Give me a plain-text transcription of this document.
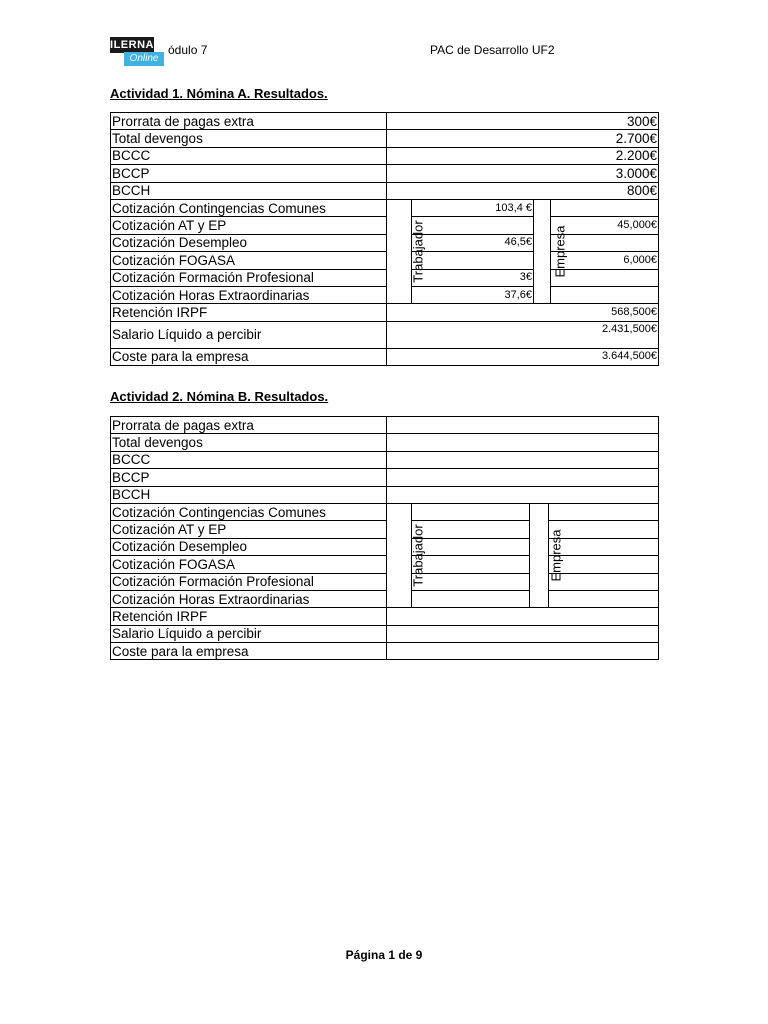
ILERNA
Online
ódulo 7	PAC de Desarrollo UF2
Actividad 1. Nómina A. Resultados.
Prorrata de pagas extra	300€			
Total devengos	2.700€			
BCCC	2.200€			
BCCP	3.000€			
BCCH	800€			
Cotización Contingencias Comunes	Trabajador	103,4 €	Empresa	
Cotización AT y EP				45,000€
Cotización Desempleo		46,5€		
Cotización FOGASA				6,000€
Cotización Formación Profesional		3€		
Cotización Horas Extraordinarias		37,6€		
Retención IRPF	568,500€			
Salario Líquido a percibir	2.431,500€			
Coste para la empresa	3.644,500€			
Actividad 2. Nómina B. Resultados.
Prorrata de pagas extra				
Total devengos				
BCCC				
BCCP				
BCCH				
Cotización Contingencias Comunes	Trabajador		Empresa	
Cotización AT y EP				
Cotización Desempleo				
Cotización FOGASA				
Cotización Formación Profesional				
Cotización Horas Extraordinarias				
Retención IRPF				
Salario Líquido a percibir				
Coste para la empresa				
Página 1 de 9
